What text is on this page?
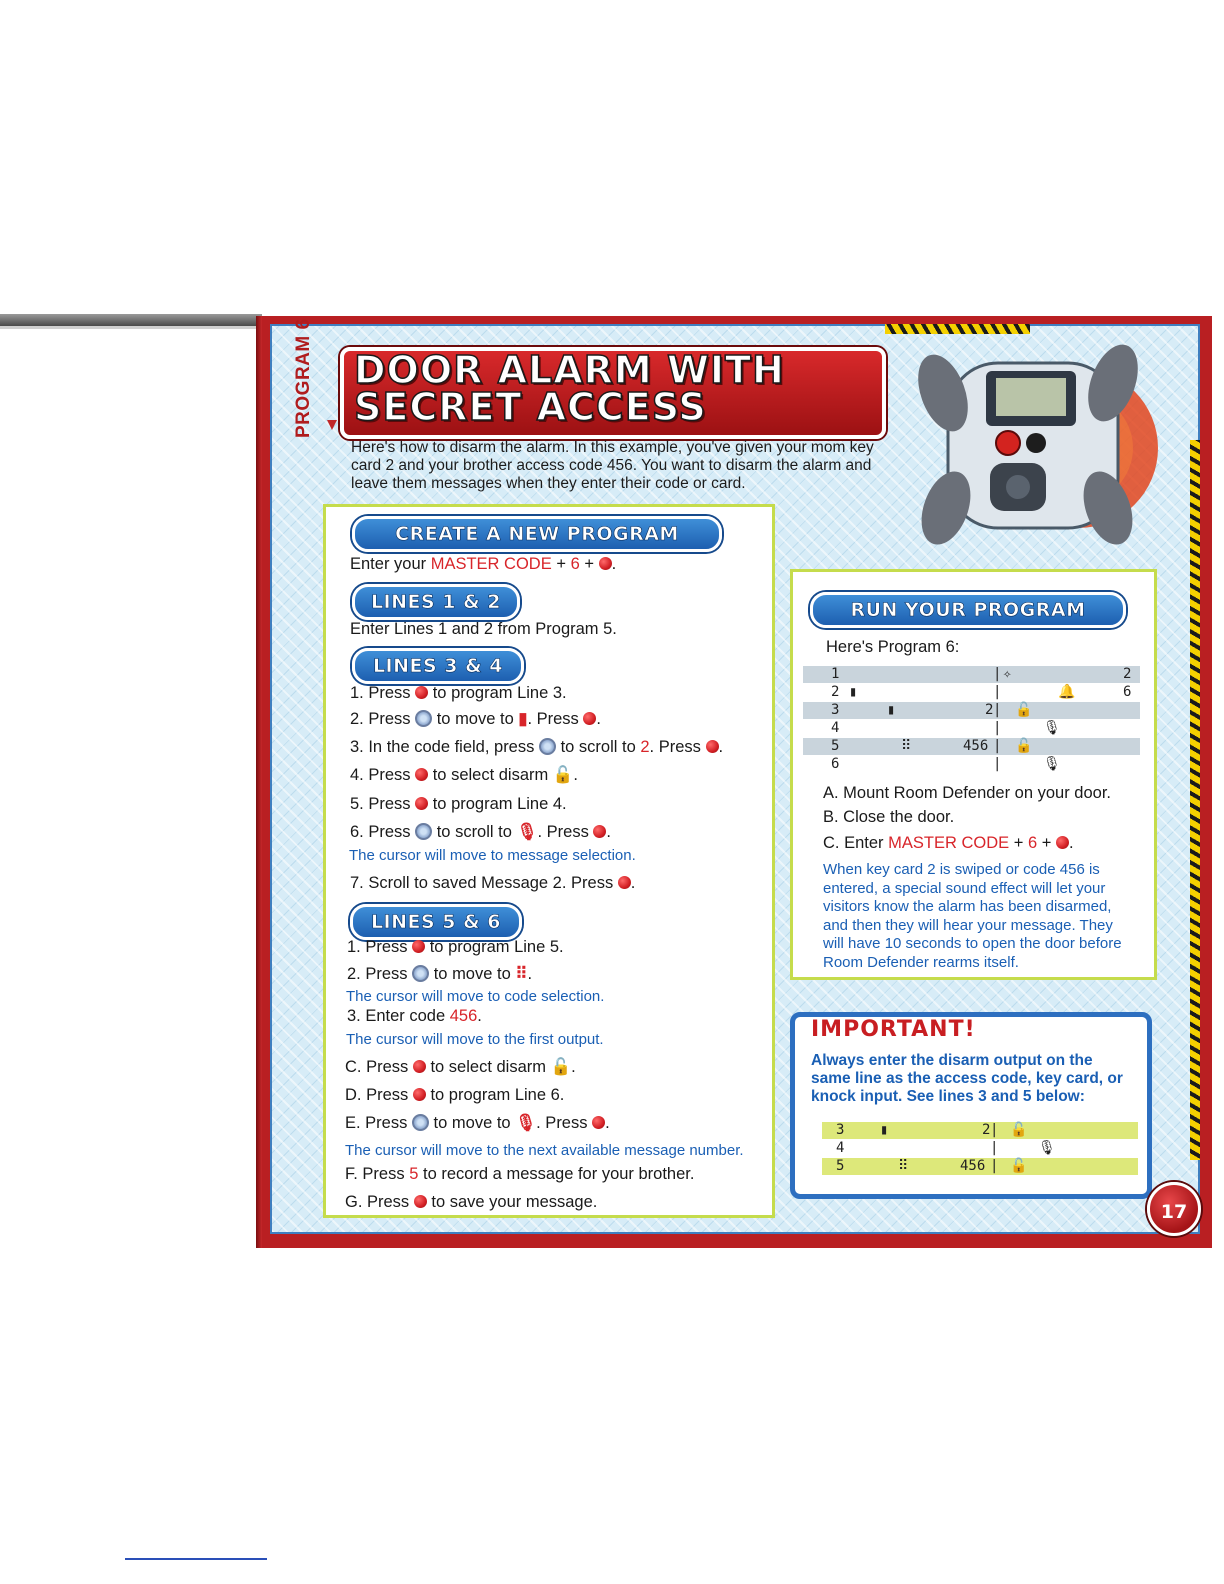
PROGRAM 6 DOOR ALARM WITH
SECRET ACCESS
Here's how to disarm the alarm. In this example, you've given your mom key card 2 and your brother access code 456. You want to disarm the alarm and leave them messages when they enter their code or card.
CREATE A NEW PROGRAM
Enter your MASTER CODE + 6 + .
LINES 1 & 2
Enter Lines 1 and 2 from Program 5.
LINES 3 & 4
1. Press to program Line 3.
2. Press to move to ▮. Press .
3. In the code field, press to scroll to 2. Press .
4. Press to select disarm 🔓.
5. Press to program Line 4.
6. Press to scroll to 🎙. Press .
The cursor will move to message selection.
7. Scroll to saved Message 2. Press .
LINES 5 & 6
1. Press to program Line 5.
2. Press to move to ⠿.
The cursor will move to code selection.
3. Enter code 456.
The cursor will move to the first output.
C. Press to select disarm 🔓.
D. Press to program Line 6.
E. Press to move to 🎙. Press .
The cursor will move to the next available message number.
F. Press 5 to record a message for your brother.
G. Press to save your message.
RUN YOUR PROGRAM
Here's Program 6:
1	| ✧	2
2 ▮	|	🔔	6
3	▮	2 | 🔓
4	|	🎙
5	⠿	456 | 🔓
6	|	🎙
A. Mount Room Defender on your door.
B. Close the door.
C. Enter MASTER CODE + 6 + .
When key card 2 is swiped or code 456 is entered, a special sound effect will let your visitors know the alarm has been disarmed, and then they will hear your message. They will have 10 seconds to open the door before Room Defender rearms itself.
IMPORTANT!
Always enter the disarm output on the same line as the access code, key card, or knock input. See lines 3 and 5 below:
3	▮	2 | 🔓
4	|	🎙
5	⠿	456 | 🔓
17
